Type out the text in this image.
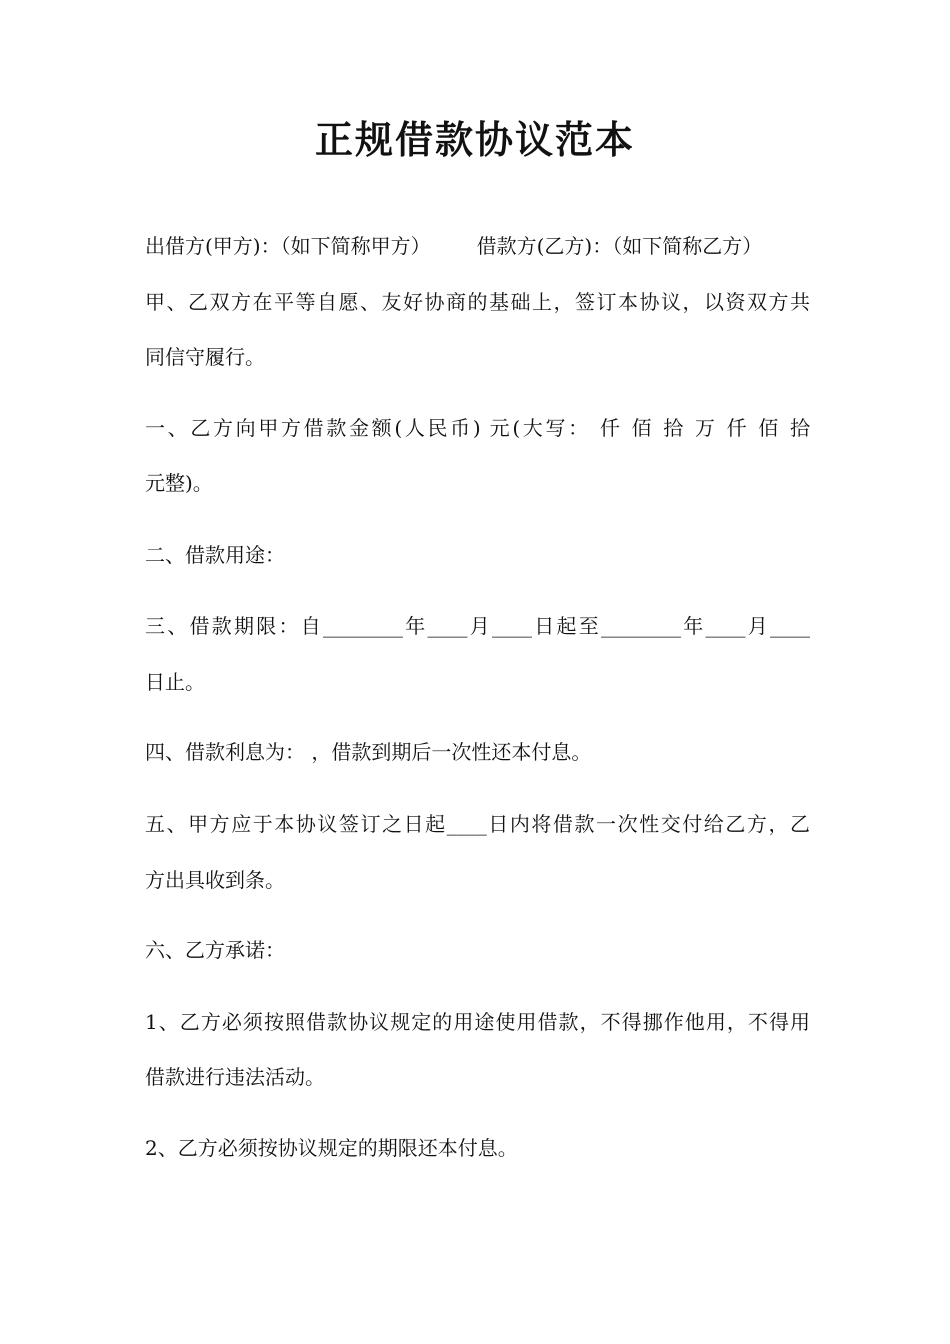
正规借款协议范本
出借方(甲方)：（如下简称甲方） 借款方(乙方)：（如下简称乙方）
甲、乙双方在平等自愿、友好协商的基础上，签订本协议，以资双方共
同信守履行。
一、乙方向甲方借款金额(人民币) 元(大写： 仟 佰 拾 万 仟 佰 拾
元整)。
二、借款用途：
三、借款期限：自________年____月____日起至________年____月____
日止。
四、借款利息为： ，借款到期后一次性还本付息。
五、甲方应于本协议签订之日起____日内将借款一次性交付给乙方，乙
方出具收到条。
六、乙方承诺：
1、乙方必须按照借款协议规定的用途使用借款，不得挪作他用，不得用
借款进行违法活动。
2、乙方必须按协议规定的期限还本付息。
